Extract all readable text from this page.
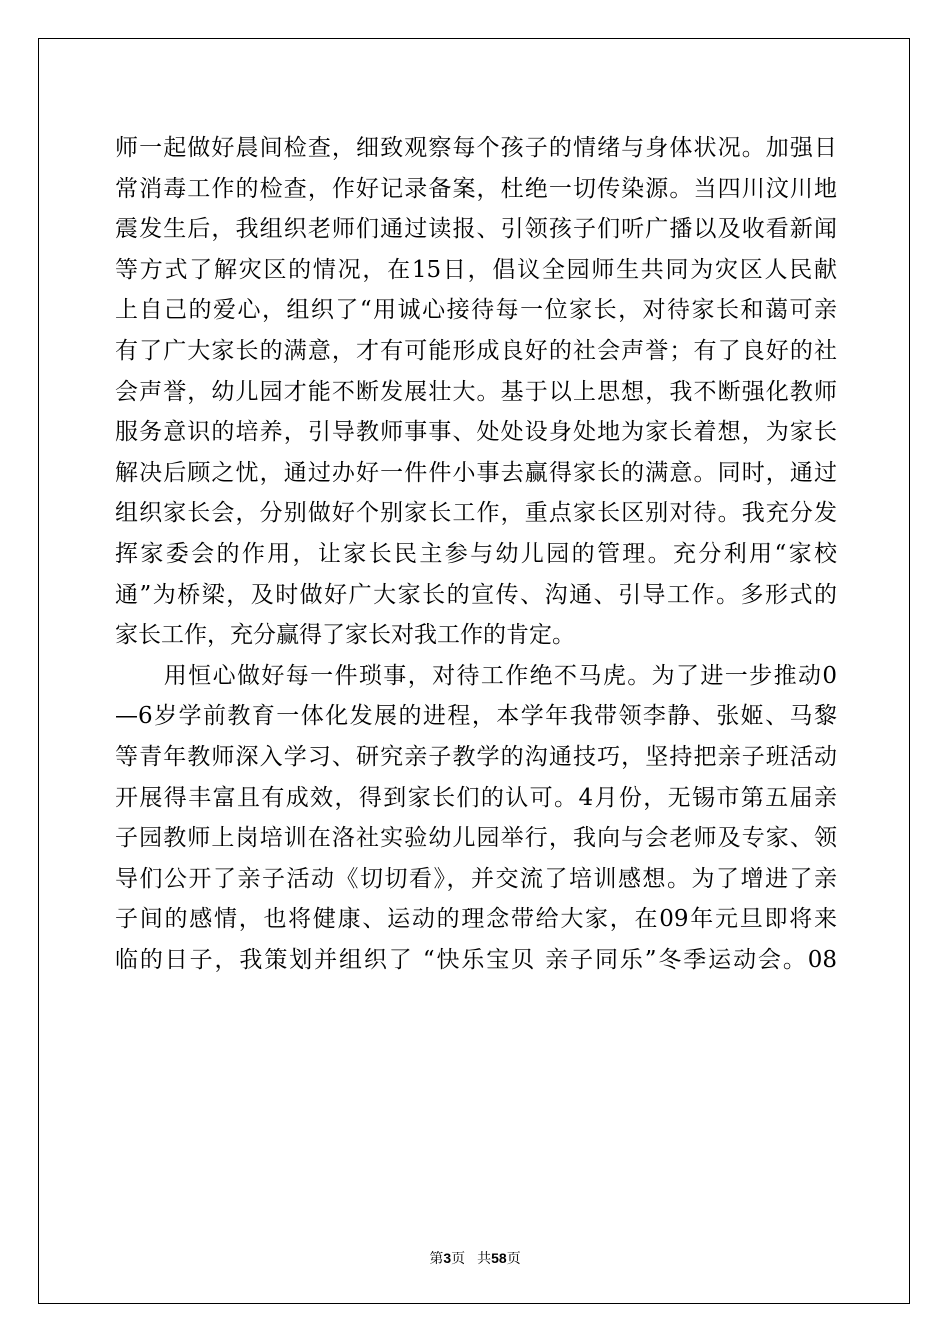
师一起做好晨间检查，细致观察每个孩子的情绪与身体状况。加强日
常消毒工作的检查，作好记录备案，杜绝一切传染源。当四川汶川地
震发生后，我组织老师们通过读报、引领孩子们听广播以及收看新闻
等方式了解灾区的情况，在15日，倡议全园师生共同为灾区人民献
上自己的爱心，组织了“用诚心接待每一位家长，对待家长和蔼可亲
有了广大家长的满意，才有可能形成良好的社会声誉；有了良好的社
会声誉，幼儿园才能不断发展壮大。基于以上思想，我不断强化教师
服务意识的培养，引导教师事事、处处设身处地为家长着想，为家长
解决后顾之忧，通过办好一件件小事去赢得家长的满意。同时，通过
组织家长会，分别做好个别家长工作，重点家长区别对待。我充分发
挥家委会的作用，让家长民主参与幼儿园的管理。充分利用“家校
通”为桥梁，及时做好广大家长的宣传、沟通、引导工作。多形式的
家长工作，充分赢得了家长对我工作的肯定。
　　用恒心做好每一件琐事，对待工作绝不马虎。为了进一步推动0
—6岁学前教育一体化发展的进程，本学年我带领李静、张姬、马黎
等青年教师深入学习、研究亲子教学的沟通技巧，坚持把亲子班活动
开展得丰富且有成效，得到家长们的认可。4月份，无锡市第五届亲
子园教师上岗培训在洛社实验幼儿园举行，我向与会老师及专家、领
导们公开了亲子活动《切切看》，并交流了培训感想。为了增进了亲
子间的感情，也将健康、运动的理念带给大家，在09年元旦即将来
临的日子，我策划并组织了 “快乐宝贝 亲子同乐”冬季运动会。08
第3页 共58页
